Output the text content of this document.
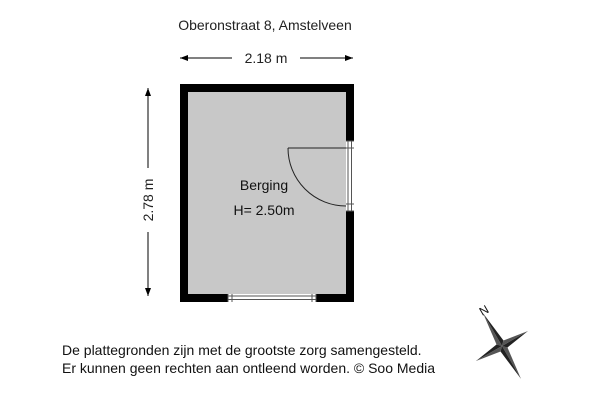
Oberonstraat 8, Amstelveen
2.18 m
2.78 m	Berging
H= 2.50m
N
De plattegronden zijn met de grootste zorg samengesteld.
Er kunnen geen rechten aan ontleend worden. © Soo Media
